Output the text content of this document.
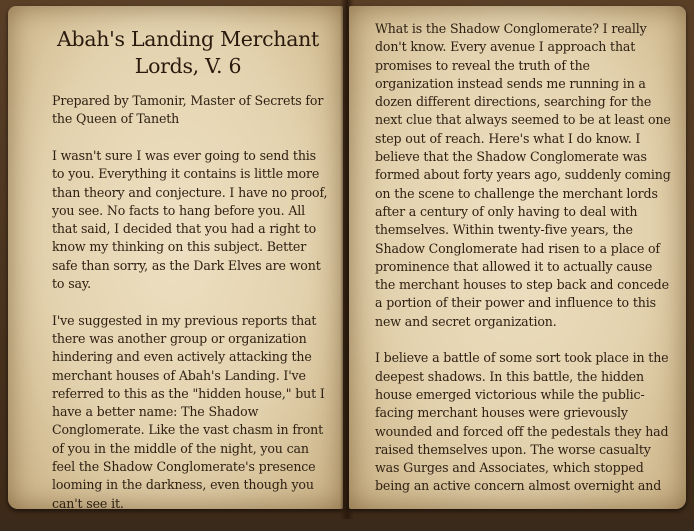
Abah's Landing Merchant Lords, V. 6
Prepared by Tamonir, Master of Secrets for the Queen of Taneth

I wasn't sure I was ever going to send this to you. Everything it contains is little more than theory and conjecture. I have no proof, you see. No facts to hang before you. All that said, I decided that you had a right to know my thinking on this subject. Better safe than sorry, as the Dark Elves are wont to say.

I've suggested in my previous reports that there was another group or organization hindering and even actively attacking the merchant houses of Abah's Landing. I've referred to this as the "hidden house," but I have a better name: The Shadow Conglomerate. Like the vast chasm in front of you in the middle of the night, you can feel the Shadow Conglomerate's presence looming in the darkness, even though you can't see it.

What is the Shadow Conglomerate? I really don't know. Every avenue I approach that promises to reveal the truth of the organization instead sends me running in a dozen different directions, searching for the next clue that always seemed to be at least one step out of reach. Here's what I do know. I believe that the Shadow Conglomerate was formed about forty years ago, suddenly coming on the scene to challenge the merchant lords after a century of only having to deal with themselves. Within twenty-five years, the Shadow Conglomerate had risen to a place of prominence that allowed it to actually cause the merchant houses to step back and concede a portion of their power and influence to this new and secret organization.

I believe a battle of some sort took place in the deepest shadows. In this battle, the hidden house emerged victorious while the public-facing merchant houses were grievously wounded and forced off the pedestals they had raised themselves upon. The worse casualty was Gurges and Associates, which stopped being an active concern almost overnight and
